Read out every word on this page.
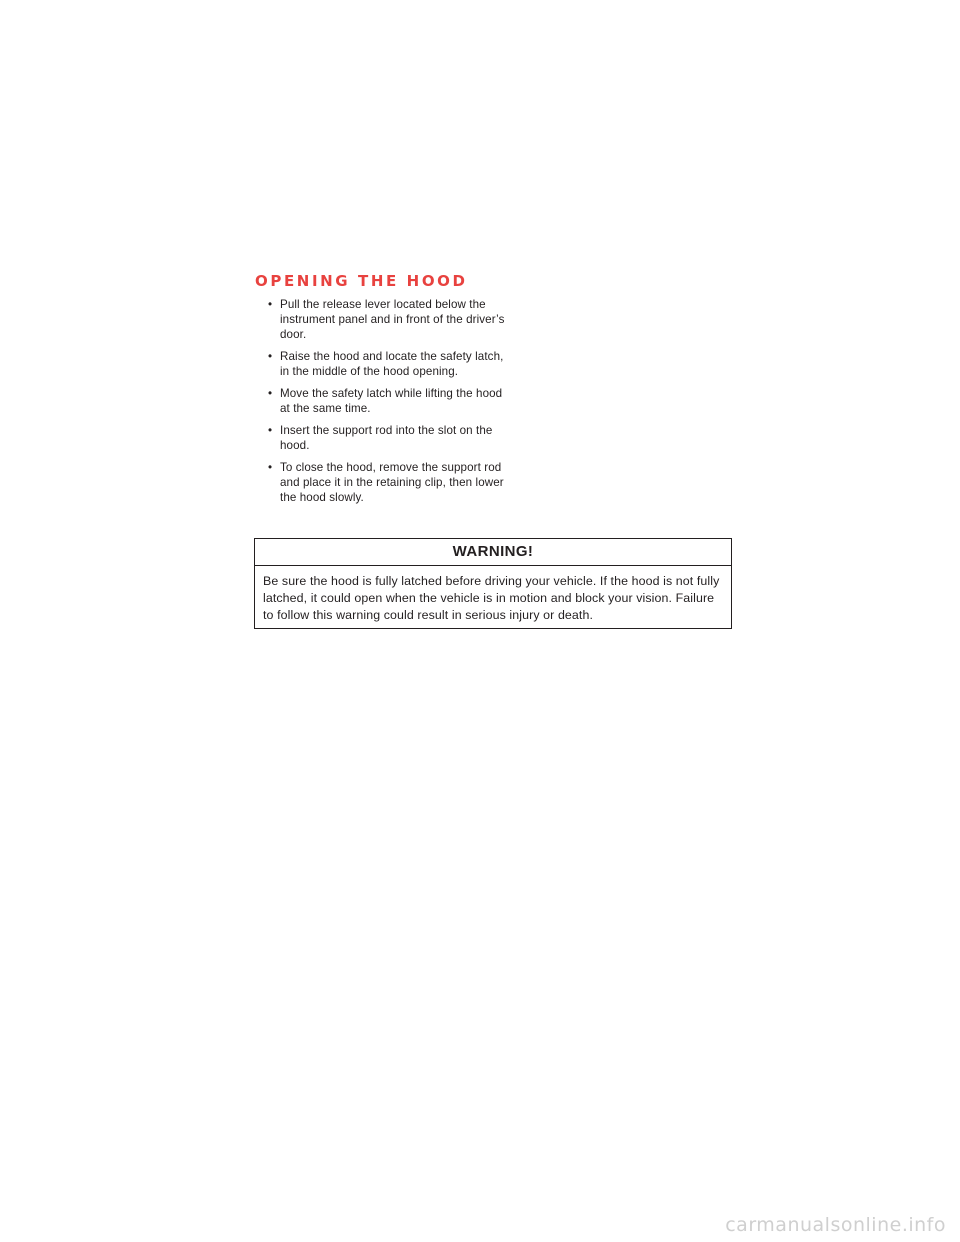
OPENING THE HOOD
• Pull the release lever located below the instrument panel and in front of the driver’s door.
• Raise the hood and locate the safety latch, in the middle of the hood opening.
• Move the safety latch while lifting the hood at the same time.
• Insert the support rod into the slot on the hood.
• To close the hood, remove the support rod and place it in the retaining clip, then lower the hood slowly.
WARNING!
Be sure the hood is fully latched before driving your vehicle. If the hood is not fully latched, it could open when the vehicle is in motion and block your vision. Failure to follow this warning could result in serious injury or death.
carmanualsonline.info
